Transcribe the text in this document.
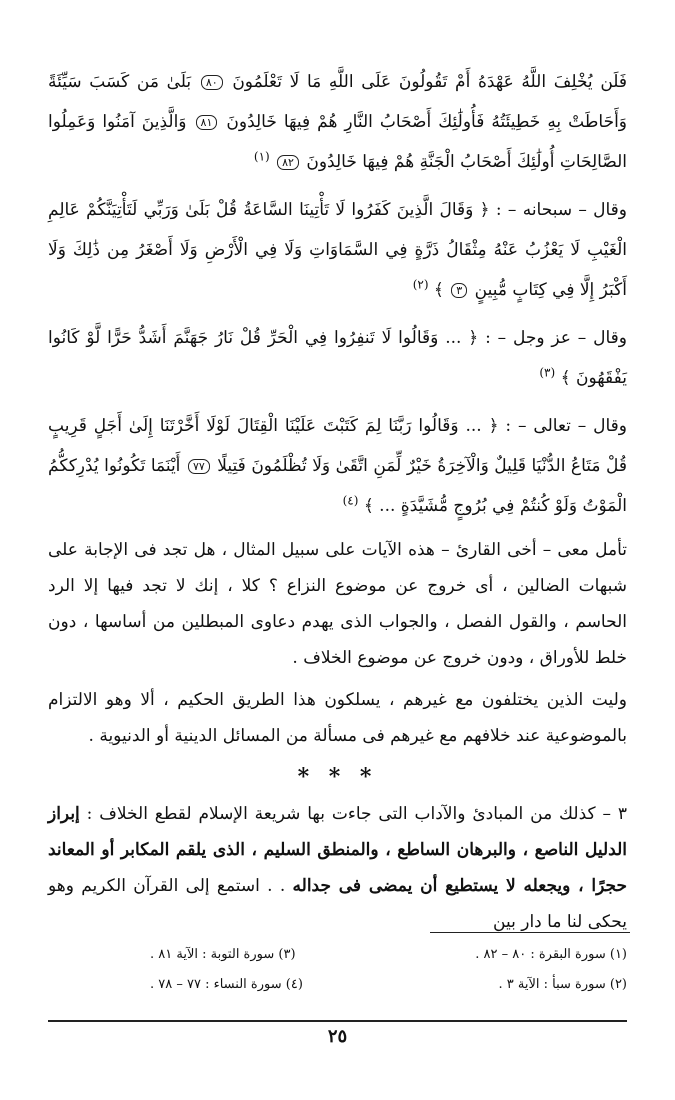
فَلَن يُخْلِفَ اللَّهُ عَهْدَهُ أَمْ تَقُولُونَ عَلَى اللَّهِ مَا لَا تَعْلَمُونَ ٨٠ بَلَىٰ مَن كَسَبَ سَيِّئَةً وَأَحَاطَتْ بِهِ خَطِيئَتُهُ فَأُولَٰئِكَ أَصْحَابُ النَّارِ هُمْ فِيهَا خَالِدُونَ ٨١ وَالَّذِينَ آمَنُوا وَعَمِلُوا الصَّالِحَاتِ أُولَٰئِكَ أَصْحَابُ الْجَنَّةِ هُمْ فِيهَا خَالِدُونَ ٨٢ $^{(١)}$

وقال – سبحانه – : ﴿ وَقَالَ الَّذِينَ كَفَرُوا لَا تَأْتِينَا السَّاعَةُ قُلْ بَلَىٰ وَرَبِّي لَتَأْتِيَنَّكُمْ عَالِمِ الْغَيْبِ لَا يَعْزُبُ عَنْهُ مِثْقَالُ ذَرَّةٍ فِي السَّمَاوَاتِ وَلَا فِي الْأَرْضِ وَلَا أَصْغَرُ مِن ذَٰلِكَ وَلَا أَكْبَرُ إِلَّا فِي كِتَابٍ مُّبِينٍ ٣ ﴾ $^{(٢)}$

وقال – عز وجل – : ﴿ ... وَقَالُوا لَا تَنفِرُوا فِي الْحَرِّ قُلْ نَارُ جَهَنَّمَ أَشَدُّ حَرًّا لَّوْ كَانُوا يَفْقَهُونَ ﴾ $^{(٣)}$

وقال – تعالى – : ﴿ ... وَقَالُوا رَبَّنَا لِمَ كَتَبْتَ عَلَيْنَا الْقِتَالَ لَوْلَا أَخَّرْتَنَا إِلَىٰ أَجَلٍ قَرِيبٍ قُلْ مَتَاعُ الدُّنْيَا قَلِيلٌ وَالْآخِرَةُ خَيْرٌ لِّمَنِ اتَّقَىٰ وَلَا تُظْلَمُونَ فَتِيلًا ٧٧ أَيْنَمَا تَكُونُوا يُدْرِككُّمُ الْمَوْتُ وَلَوْ كُنتُمْ فِي بُرُوجٍ مُّشَيَّدَةٍ ... ﴾ $^{(٤)}$

تأمل معى – أخى القارئ – هذه الآيات على سبيل المثال ، هل تجد فى الإجابة على شبهات الضالين ، أى خروج عن موضوع النزاع ؟ كلا ، إنك لا تجد فيها إلا الرد الحاسم ، والقول الفصل ، والجواب الذى يهدم دعاوى المبطلين من أساسها ، دون خلط للأوراق ، ودون خروج عن موضوع الخلاف .

وليت الذين يختلفون مع غيرهم ، يسلكون هذا الطريق الحكيم ، ألا وهو الالتزام بالموضوعية عند خلافهم مع غيرهم فى مسألة من المسائل الدينية أو الدنيوية .

* * *

٣ – كذلك من المبادئ والآداب التى جاءت بها شريعة الإسلام لقطع الخلاف : إبراز الدليل الناصع ، والبرهان الساطع ، والمنطق السليم ، الذى يلقم المكابر أو المعاند حجرًا ، ويجعله لا يستطيع أن يمضى فى جداله . . استمع إلى القرآن الكريم وهو يحكى لنا ما دار بين

(١) سورة البقرة : ٨٠ – ٨٢ .
(٣) سورة التوبة : الآية ٨١ .
(٢) سورة سبأ : الآية ٣ .
(٤) سورة النساء : ٧٧ – ٧٨ .
٢٥
